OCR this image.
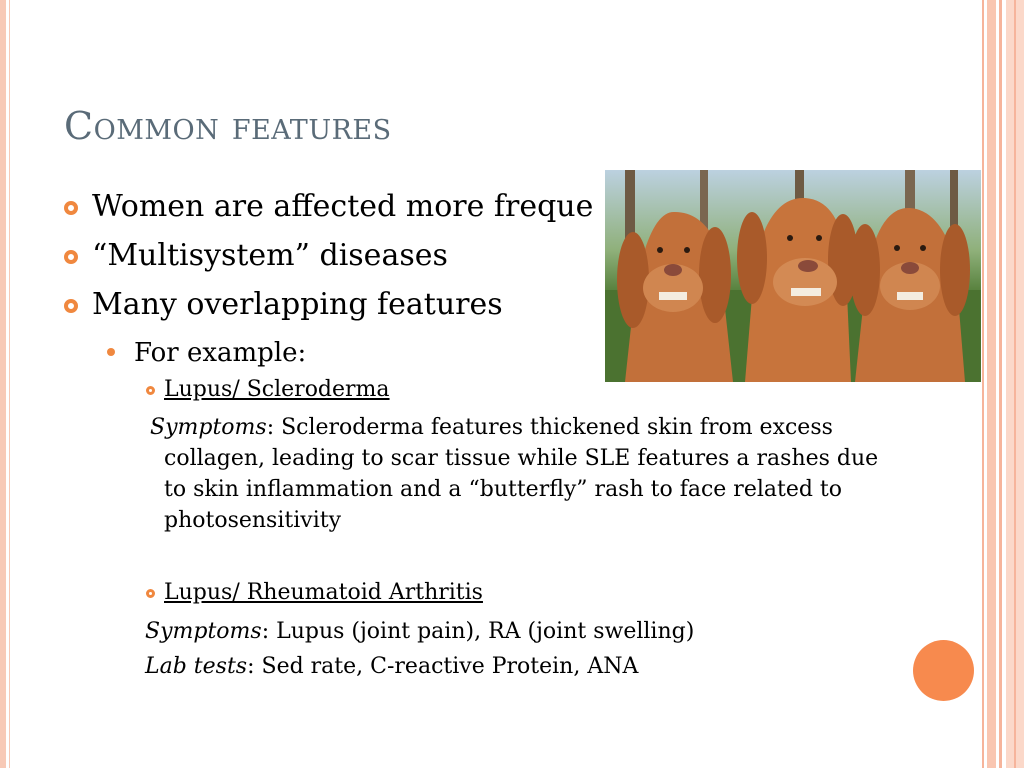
Common features
Women are affected more freque
“Multisystem” diseases
Many overlapping features
For example:
Lupus/ Scleroderma

Symptoms: Scleroderma features thickened skin from excess collagen, leading to scar tissue while SLE features a rashes due to skin inflammation and a “butterfly” rash to face related to photosensitivity

Lupus/ Rheumatoid Arthritis

Symptoms: Lupus (joint pain), RA (joint swelling)

Lab tests: Sed rate, C-reactive Protein, ANA
